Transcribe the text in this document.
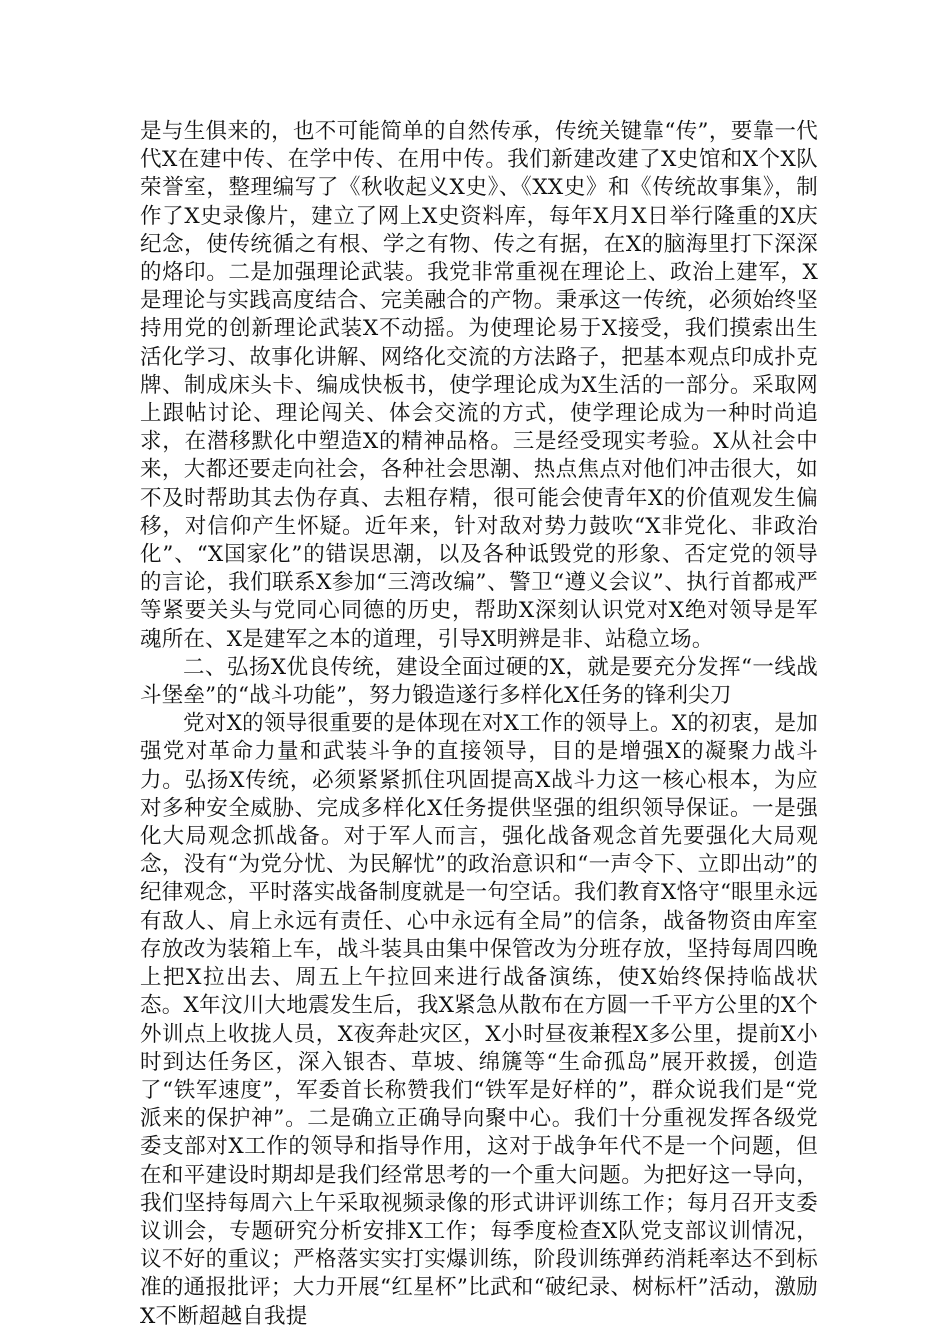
是与生俱来的，也不可能简单的自然传承，传统关键靠“传”，要靠一代代X在建中传、在学中传、在用中传。我们新建改建了X史馆和X个X队荣誉室，整理编写了《秋收起义X史》、《XX史》和《传统故事集》，制作了X史录像片，建立了网上X史资料库，每年X月X日举行隆重的X庆纪念，使传统循之有根、学之有物、传之有据，在X的脑海里打下深深的烙印。二是加强理论武装。我党非常重视在理论上、政治上建军，X是理论与实践高度结合、完美融合的产物。秉承这一传统，必须始终坚持用党的创新理论武装X不动摇。为使理论易于X接受，我们摸索出生活化学习、故事化讲解、网络化交流的方法路子，把基本观点印成扑克牌、制成床头卡、编成快板书，使学理论成为X生活的一部分。采取网上跟帖讨论、理论闯关、体会交流的方式，使学理论成为一种时尚追求，在潜移默化中塑造X的精神品格。三是经受现实考验。X从社会中来，大都还要走向社会，各种社会思潮、热点焦点对他们冲击很大，如不及时帮助其去伪存真、去粗存精，很可能会使青年X的价值观发生偏移，对信仰产生怀疑。近年来，针对敌对势力鼓吹“X非党化、非政治化”、“X国家化”的错误思潮，以及各种诋毁党的形象、否定党的领导的言论，我们联系X参加“三湾改编”、警卫“遵义会议”、执行首都戒严等紧要关头与党同心同德的历史，帮助X深刻认识党对X绝对领导是军魂所在、X是建军之本的道理，引导X明辨是非、站稳立场。

二、弘扬X优良传统，建设全面过硬的X，就是要充分发挥“一线战斗堡垒”的“战斗功能”，努力锻造遂行多样化X任务的锋利尖刀

党对X的领导很重要的是体现在对X工作的领导上。X的初衷，是加强党对革命力量和武装斗争的直接领导，目的是增强X的凝聚力战斗力。弘扬X传统，必须紧紧抓住巩固提高X战斗力这一核心根本，为应对多种安全威胁、完成多样化X任务提供坚强的组织领导保证。一是强化大局观念抓战备。对于军人而言，强化战备观念首先要强化大局观念，没有“为党分忧、为民解忧”的政治意识和“一声令下、立即出动”的纪律观念，平时落实战备制度就是一句空话。我们教育X恪守“眼里永远有敌人、肩上永远有责任、心中永远有全局”的信条，战备物资由库室存放改为装箱上车，战斗装具由集中保管改为分班存放，坚持每周四晚上把X拉出去、周五上午拉回来进行战备演练，使X始终保持临战状态。X年汶川大地震发生后，我X紧急从散布在方圆一千平方公里的X个外训点上收拢人员，X夜奔赴灾区，X小时昼夜兼程X多公里，提前X小时到达任务区，深入银杏、草坡、绵篪等“生命孤岛”展开救援，创造了“铁军速度”，军委首长称赞我们“铁军是好样的”，群众说我们是“党派来的保护神”。二是确立正确导向聚中心。我们十分重视发挥各级党委支部对X工作的领导和指导作用，这对于战争年代不是一个问题，但在和平建设时期却是我们经常思考的一个重大问题。为把好这一导向，我们坚持每周六上午采取视频录像的形式讲评训练工作；每月召开支委议训会，专题研究分析安排X工作；每季度检查X队党支部议训情况，议不好的重议；严格落实实打实爆训练，阶段训练弹药消耗率达不到标准的通报批评；大力开展“红星杯”比武和“破纪录、树标杆”活动，激励X不断超越自我提
